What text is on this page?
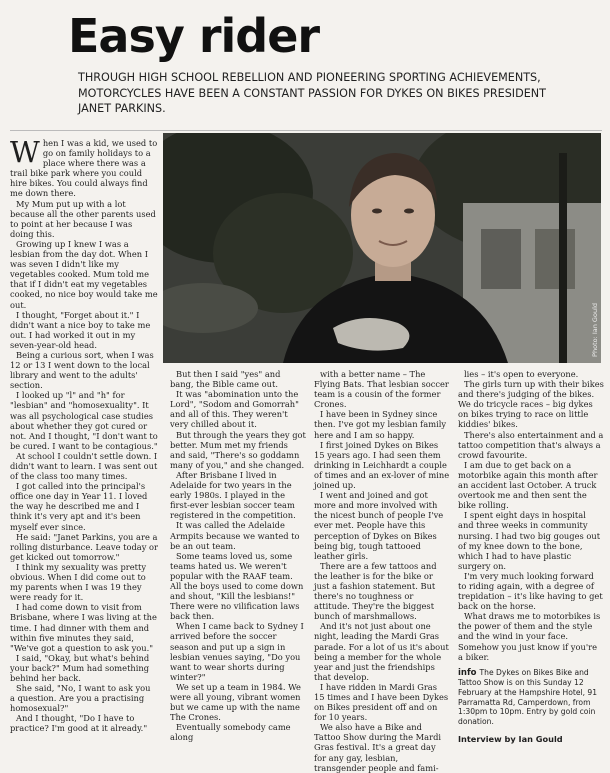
Easy rider
THROUGH HIGH SCHOOL REBELLION AND PIONEERING SPORTING ACHIEVEMENTS, MOTORCYCLES HAVE BEEN A CONSTANT PASSION FOR DYKES ON BIKES PRESIDENT JANET PARKINS.
Photo: Ian Gould

When I was a kid, we used to go on family holidays to a place where there was a trail bike park where you could hire bikes. You could always find me down there.

My Mum put up with a lot because all the other parents used to point at her because I was doing this.

Growing up I knew I was a lesbian from the day dot. When I was seven I didn't like my vegetables cooked. Mum told me that if I didn't eat my vegetables cooked, no nice boy would take me out.

I thought, "Forget about it." I didn't want a nice boy to take me out. I had worked it out in my seven-year-old head.

Being a curious sort, when I was 12 or 13 I went down to the local library and went to the adults' section.

I looked up "l" and "h" for "lesbian" and "homosexuality". It was all psychological case studies about whether they got cured or not. And I thought, "I don't want to be cured. I want to be contagious."

At school I couldn't settle down. I didn't want to learn. I was sent out of the class too many times.

I got called into the principal's office one day in Year 11. I loved the way he described me and I think it's very apt and it's been myself ever since.

He said: "Janet Parkins, you are a rolling disturbance. Leave today or get kicked out tomorrow."

I think my sexuality was pretty obvious. When I did come out to my parents when I was 19 they were ready for it.

I had come down to visit from Brisbane, where I was living at the time. I had dinner with them and within five minutes they said, "We've got a question to ask you."

I said, "Okay, but what's behind your back?" Mum had something behind her back.

She said, "No, I want to ask you a question. Are you a practising homosexual?"

And I thought, "Do I have to practice? I'm good at it already."

But then I said "yes" and bang, the Bible came out.

It was "abomination unto the Lord", "Sodom and Gomorrah" and all of this. They weren't very chilled about it.

But through the years they got better. Mum met my friends and said, "There's so goddamn many of you," and she changed.

After Brisbane I lived in Adelaide for two years in the early 1980s. I played in the first-ever lesbian soccer team registered in the competition.

It was called the Adelaide Armpits because we wanted to be an out team.

Some teams loved us, some teams hated us. We weren't popular with the RAAF team. All the boys used to come down and shout, "Kill the lesbians!" There were no vilification laws back then.

When I came back to Sydney I arrived before the soccer season and put up a sign in lesbian venues saying, "Do you want to wear shorts during winter?"

We set up a team in 1984. We were all young, vibrant women but we came up with the name The Crones.

Eventually somebody came along

with a better name – The Flying Bats. That lesbian soccer team is a cousin of the former Crones.

I have been in Sydney since then. I've got my lesbian family here and I am so happy.

I first joined Dykes on Bikes 15 years ago. I had seen them drinking in Leichhardt a couple of times and an ex-lover of mine joined up.

I went and joined and got more and more involved with the nicest bunch of people I've ever met. People have this perception of Dykes on Bikes being big, tough tattooed leather girls.

There are a few tattoos and the leather is for the bike or just a fashion statement. But there's no toughness or attitude. They're the biggest bunch of marshmallows.

And it's not just about one night, leading the Mardi Gras parade. For a lot of us it's about being a member for the whole year and just the friendships that develop.

I have ridden in Mardi Gras 15 times and I have been Dykes on Bikes president off and on for 10 years.

We also have a Bike and Tattoo Show during the Mardi Gras festival. It's a great day for any gay, lesbian, transgender people and fami-

lies – it's open to everyone.

The girls turn up with their bikes and there's judging of the bikes. We do tricycle races – big dykes on bikes trying to race on little kiddies' bikes.

There's also entertainment and a tattoo competition that's always a crowd favourite.

I am due to get back on a motorbike again this month after an accident last October. A truck overtook me and then sent the bike rolling.

I spent eight days in hospital and three weeks in community nursing. I had two big gouges out of my knee down to the bone, which I had to have plastic surgery on.

I'm very much looking forward to riding again, with a degree of trepidation – it's like having to get back on the horse.

What draws me to motorbikes is the power of them and the style and the wind in your face. Somehow you just know if you're a biker.

info The Dykes on Bikes Bike and Tattoo Show is on this Sunday 12 February at the Hampshire Hotel, 91 Parramatta Rd, Camperdown, from 1:30pm to 10pm. Entry by gold coin donation.
Interview by Ian Gould
